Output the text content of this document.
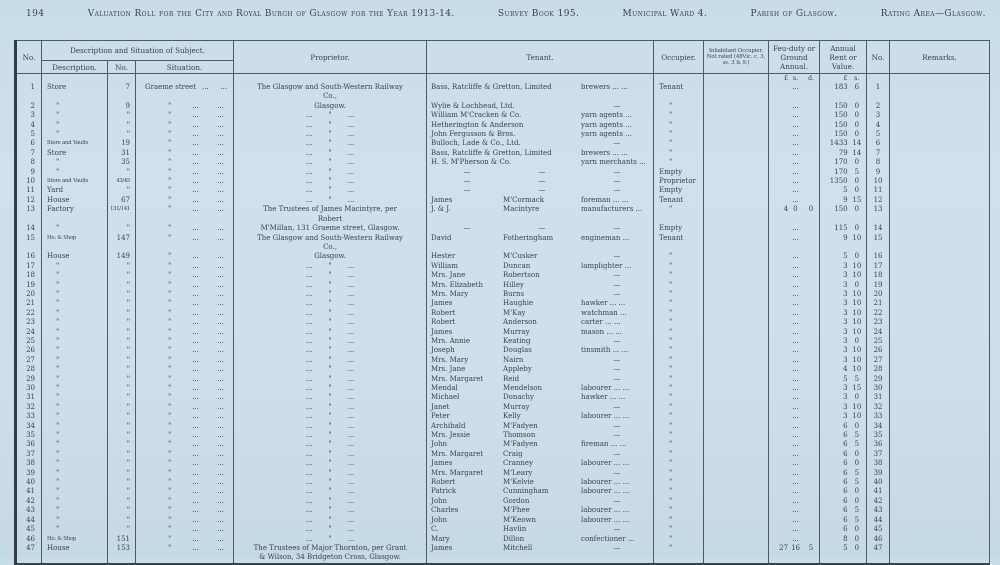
194	Valuation Roll for the City and Royal Burgh of Glasgow for the Year 1913-14.	Survey Book 195.	Municipal Ward 4.	Parish of Glasgow.	Rating Area—Glasgow.
No.	Description and Situation of Subject.			Proprietor.	Tenant.	Occupier.	Inhabitant Occupier. Not rated (48Vic. c. 3, ss. 3 & 9.)	Feu-duty or Ground Annual.	Annual Rent or Value.	No.	Remarks.
	Description.	No.	Situation.								

								£ s. d.	£ s.		

1	Store	7	Graeme street ... ...	The Glasgow and South-Western Railway Co.,	Bass, Ratcliffe & Gretton, Limited brewers ... ...	Tenant		...	183 6	1	
2	"	9	" ... ...	Glasgow.	Wylie & Lochhead, Ltd. —	"		...	150 0	2	
3	"	"	" ... ...	... " ...	William M'Cracken & Co. yarn agents ...	"		...	150 0	3	
4	"	"	" ... ...	... " ...	Hetherington & Anderson yarn agents ...	"		...	150 0	4	
5	"	"	" ... ...	... " ...	John Fergusson & Bros. yarn agents ...	"		...	150 0	5	
6	Store and Vaults	19	" ... ...	... " ...	Bulloch, Lade & Co., Ltd. —	"		...	1433 14	6	
7	Store	31	" ... ...	... " ...	Bass, Ratcliffe & Gretton, Limited brewers ... ...	"		...	79 14	7	
8	"	35	" ... ...	... " ...	H. S. M'Pherson & Co. yarn merchants ...	"		...	170 0	8	
9	"	"	" ... ...	... " ...	— — —	Empty		...	170 5	9	
10	Store and Vaults	43/45	" ... ...	... " ...	— — —	Proprietor		...	1350 0	10	
11	Yard	"	" ... ...	... " ...	— — —	Empty		...	5 0	11	
12	House	67	" ... ...	... " ...	James M'Cormack foreman ... ...	Tenant		...	9 15	12	
13	Factory	131/141	" ... ...	The Trustees of James Macintyre, per Robert	J. & J. Macintyre manufacturers ...	"		4 0 0	150 0	13	
14	"	"	" ... ...	M'Millan, 131 Graeme street, Glasgow.	— — —	Empty		...	115 0	14	
15	Ho. & Shop	147	" ... ...	The Glasgow and South-Western Railway Co.,	David Fotheringham engineman ...	Tenant		...	9 10	15	
16	House	149	" ... ...	Glasgow.	Hester M'Cusker —	"		...	5 0	16	
17	"	"	" ... ...	... " ...	William Duncan lamplighter ...	"		...	3 10	17	
18	"	"	" ... ...	... " ...	Mrs. Jane Robertson —	"		...	3 10	18	
19	"	"	" ... ...	... " ...	Mrs. Elizabeth Hilley —	"		...	3 0	19	
20	"	"	" ... ...	... " ...	Mrs. Mary Burns —	"		...	3 10	20	
21	"	"	" ... ...	... " ...	James Haughie hawker ... ...	"		...	3 10	21	
22	"	"	" ... ...	... " ...	Robert M'Kay watchman ...	"		...	3 10	22	
23	"	"	" ... ...	... " ...	Robert Anderson carter ... ...	"		...	3 10	23	
24	"	"	" ... ...	... " ...	James Murray mason ... ...	"		...	3 10	24	
25	"	"	" ... ...	... " ...	Mrs. Annie Keating —	"		...	3 0	25	
26	"	"	" ... ...	... " ...	Joseph Douglas tinsmith ... ...	"		...	3 10	26	
27	"	"	" ... ...	... " ...	Mrs. Mary Nairn —	"		...	3 10	27	
28	"	"	" ... ...	... " ...	Mrs. Jane Appleby —	"		...	4 10	28	
29	"	"	" ... ...	... " ...	Mrs. Margaret Reid —	"		...	5 5	29	
30	"	"	" ... ...	... " ...	Mendal Mendelson labourer ... ...	"		...	3 15	30	
31	"	"	" ... ...	... " ...	Michael Donachy hawker ... ...	"		...	3 0	31	
32	"	"	" ... ...	... " ...	Janet Murray —	"		...	3 10	32	
33	"	"	" ... ...	... " ...	Peter Kelly labourer ... ...	"		...	3 10	33	
34	"	"	" ... ...	... " ...	Archibald M'Fadyen —	"		...	6 0	34	
35	"	"	" ... ...	... " ...	Mrs. Jessie Thomson —	"		...	6 5	35	
36	"	"	" ... ...	... " ...	John M'Fadyen fireman ... ...	"		...	6 5	36	
37	"	"	" ... ...	... " ...	Mrs. Margaret Craig —	"		...	6 0	37	
38	"	"	" ... ...	... " ...	James Cranney labourer ... ...	"		...	6 0	38	
39	"	"	" ... ...	... " ...	Mrs. Margaret M'Leary —	"		...	6 5	39	
40	"	"	" ... ...	... " ...	Robert M'Kelvie labourer ... ...	"		...	6 5	40	
41	"	"	" ... ...	... " ...	Patrick Cunningham labourer ... ...	"		...	6 0	41	
42	"	"	" ... ...	... " ...	John Gordon —	"		...	6 0	42	
43	"	"	" ... ...	... " ...	Charles M'Phee labourer ... ...	"		...	6 5	43	
44	"	"	" ... ...	... " ...	John M'Keown labourer ... ...	"		...	6 5	44	
45	"	"	" ... ...	... " ...	C. Havlin —	"		...	6 0	45	
46	Ho. & Shop	151	" ... ...	... " ...	Mary Dillon confectioner ...	"		...	8 0	46	
47	House	153	" ... ...	The Trustees of Major Thornton, per Grant & Wilson, 34 Bridgeton Cross, Glasgow.	James Mitchell —	"		27 16 5	5 0	47	
